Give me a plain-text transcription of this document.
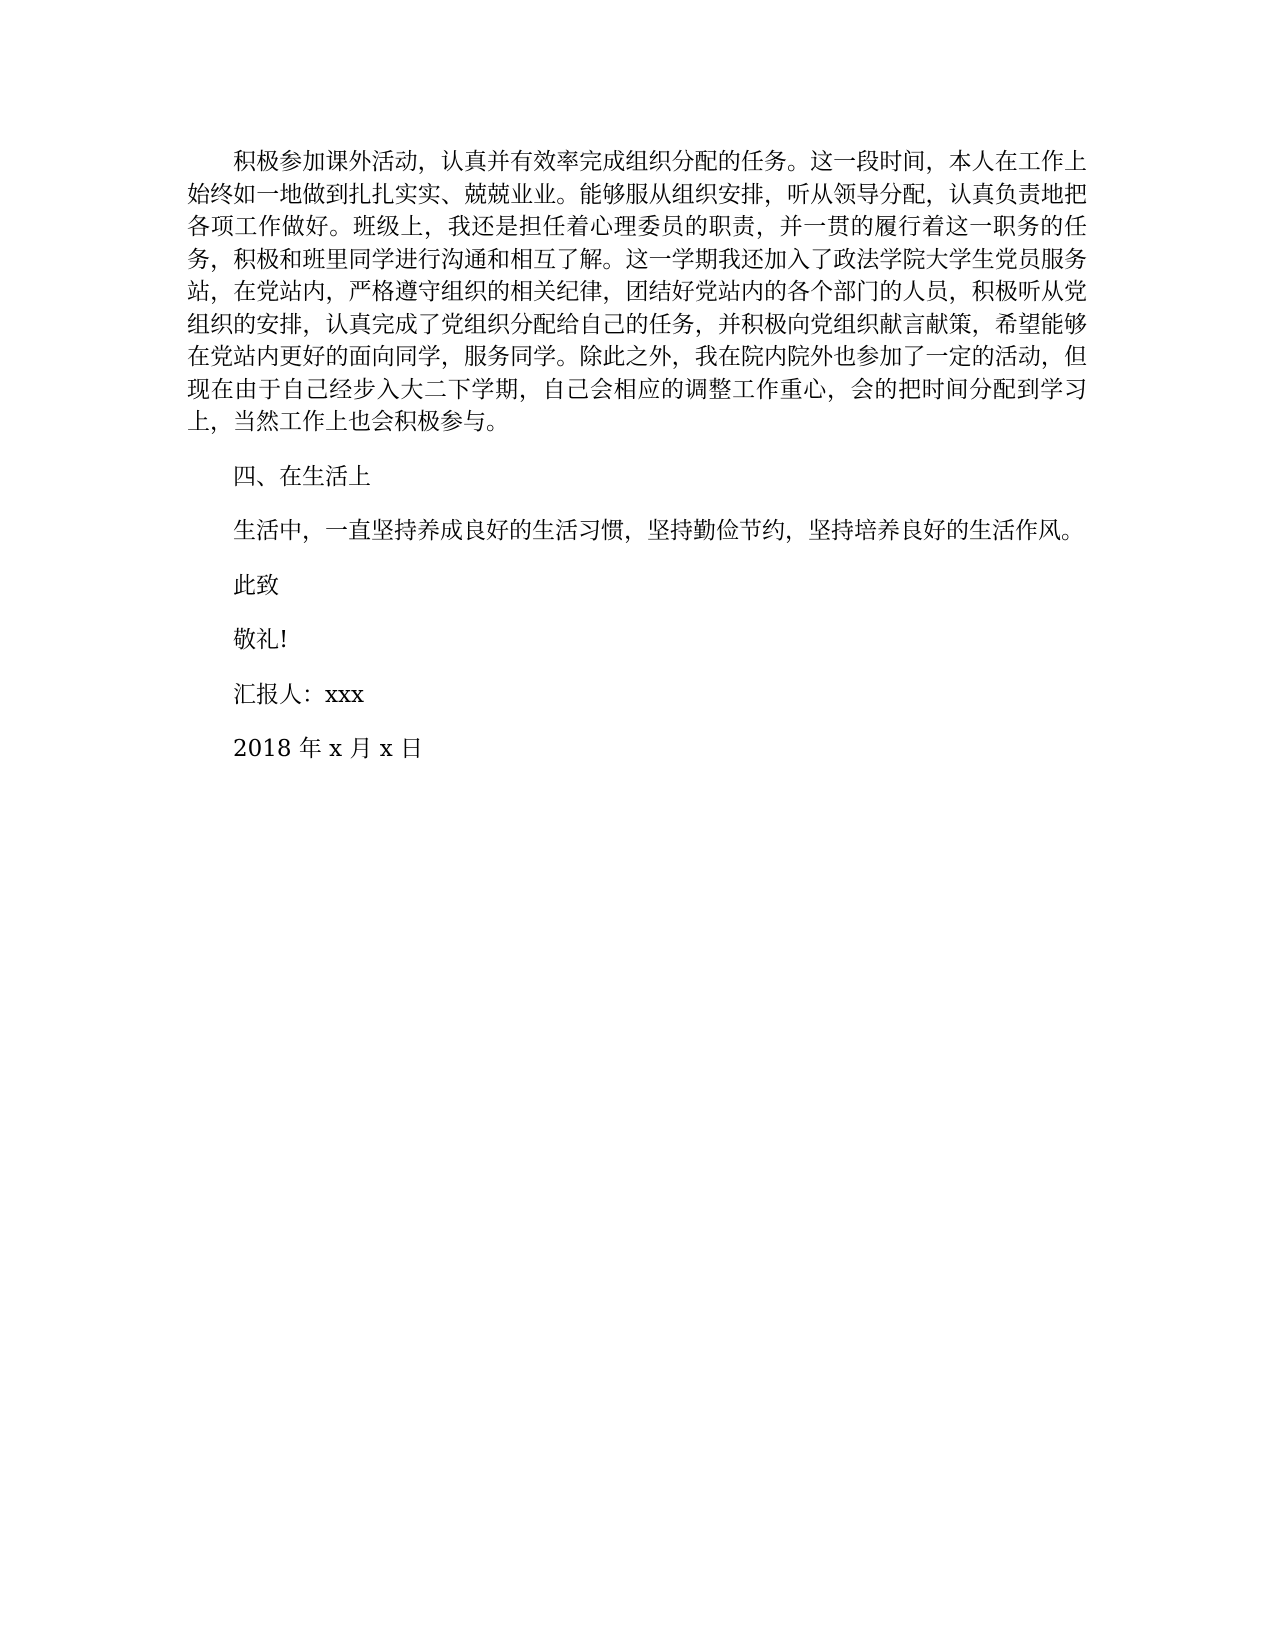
积极参加课外活动，认真并有效率完成组织分配的任务。这一段时间，本人在工作上始终如一地做到扎扎实实、兢兢业业。能够服从组织安排，听从领导分配，认真负责地把各项工作做好。班级上，我还是担任着心理委员的职责，并一贯的履行着这一职务的任务，积极和班里同学进行沟通和相互了解。这一学期我还加入了政法学院大学生党员服务站，在党站内，严格遵守组织的相关纪律，团结好党站内的各个部门的人员，积极听从党组织的安排，认真完成了党组织分配给自己的任务，并积极向党组织献言献策，希望能够在党站内更好的面向同学，服务同学。除此之外，我在院内院外也参加了一定的活动，但现在由于自己经步入大二下学期，自己会相应的调整工作重心，会的把时间分配到学习上，当然工作上也会积极参与。

四、在生活上

生活中，一直坚持养成良好的生活习惯，坚持勤俭节约，坚持培养良好的生活作风。

此致

敬礼!

汇报人：xxx

2018 年 x 月 x 日
